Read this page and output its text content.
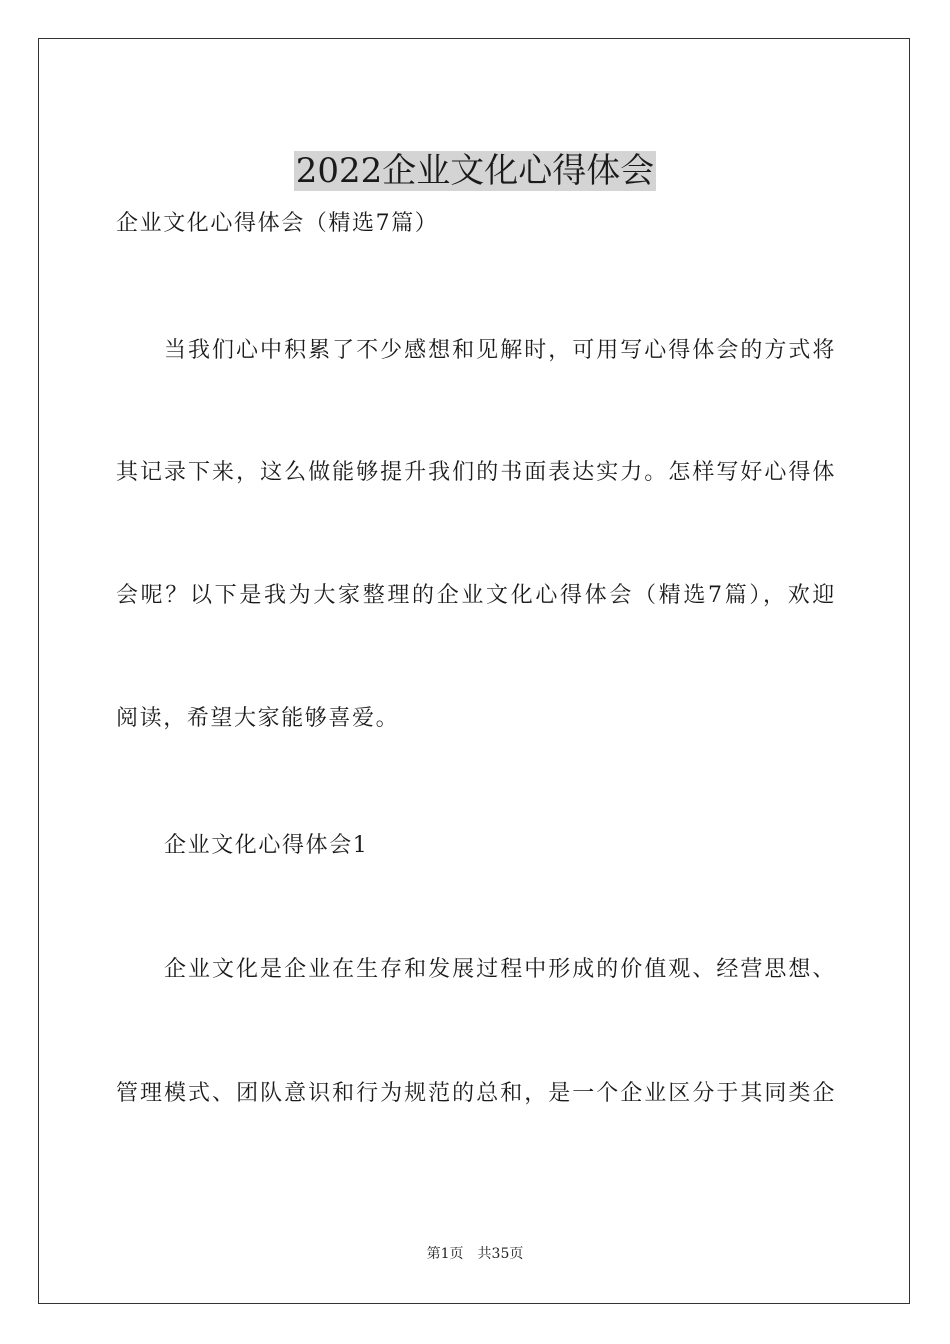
2022企业文化心得体会
企业文化心得体会（精选7篇）
当我们心中积累了不少感想和见解时，可用写心得体会的方式将
其记录下来，这么做能够提升我们的书面表达实力。怎样写好心得体
会呢？以下是我为大家整理的企业文化心得体会（精选7篇），欢迎
阅读，希望大家能够喜爱。
企业文化心得体会1
企业文化是企业在生存和发展过程中形成的价值观、经营思想、
管理模式、团队意识和行为规范的总和，是一个企业区分于其同类企
第1页 共35页
